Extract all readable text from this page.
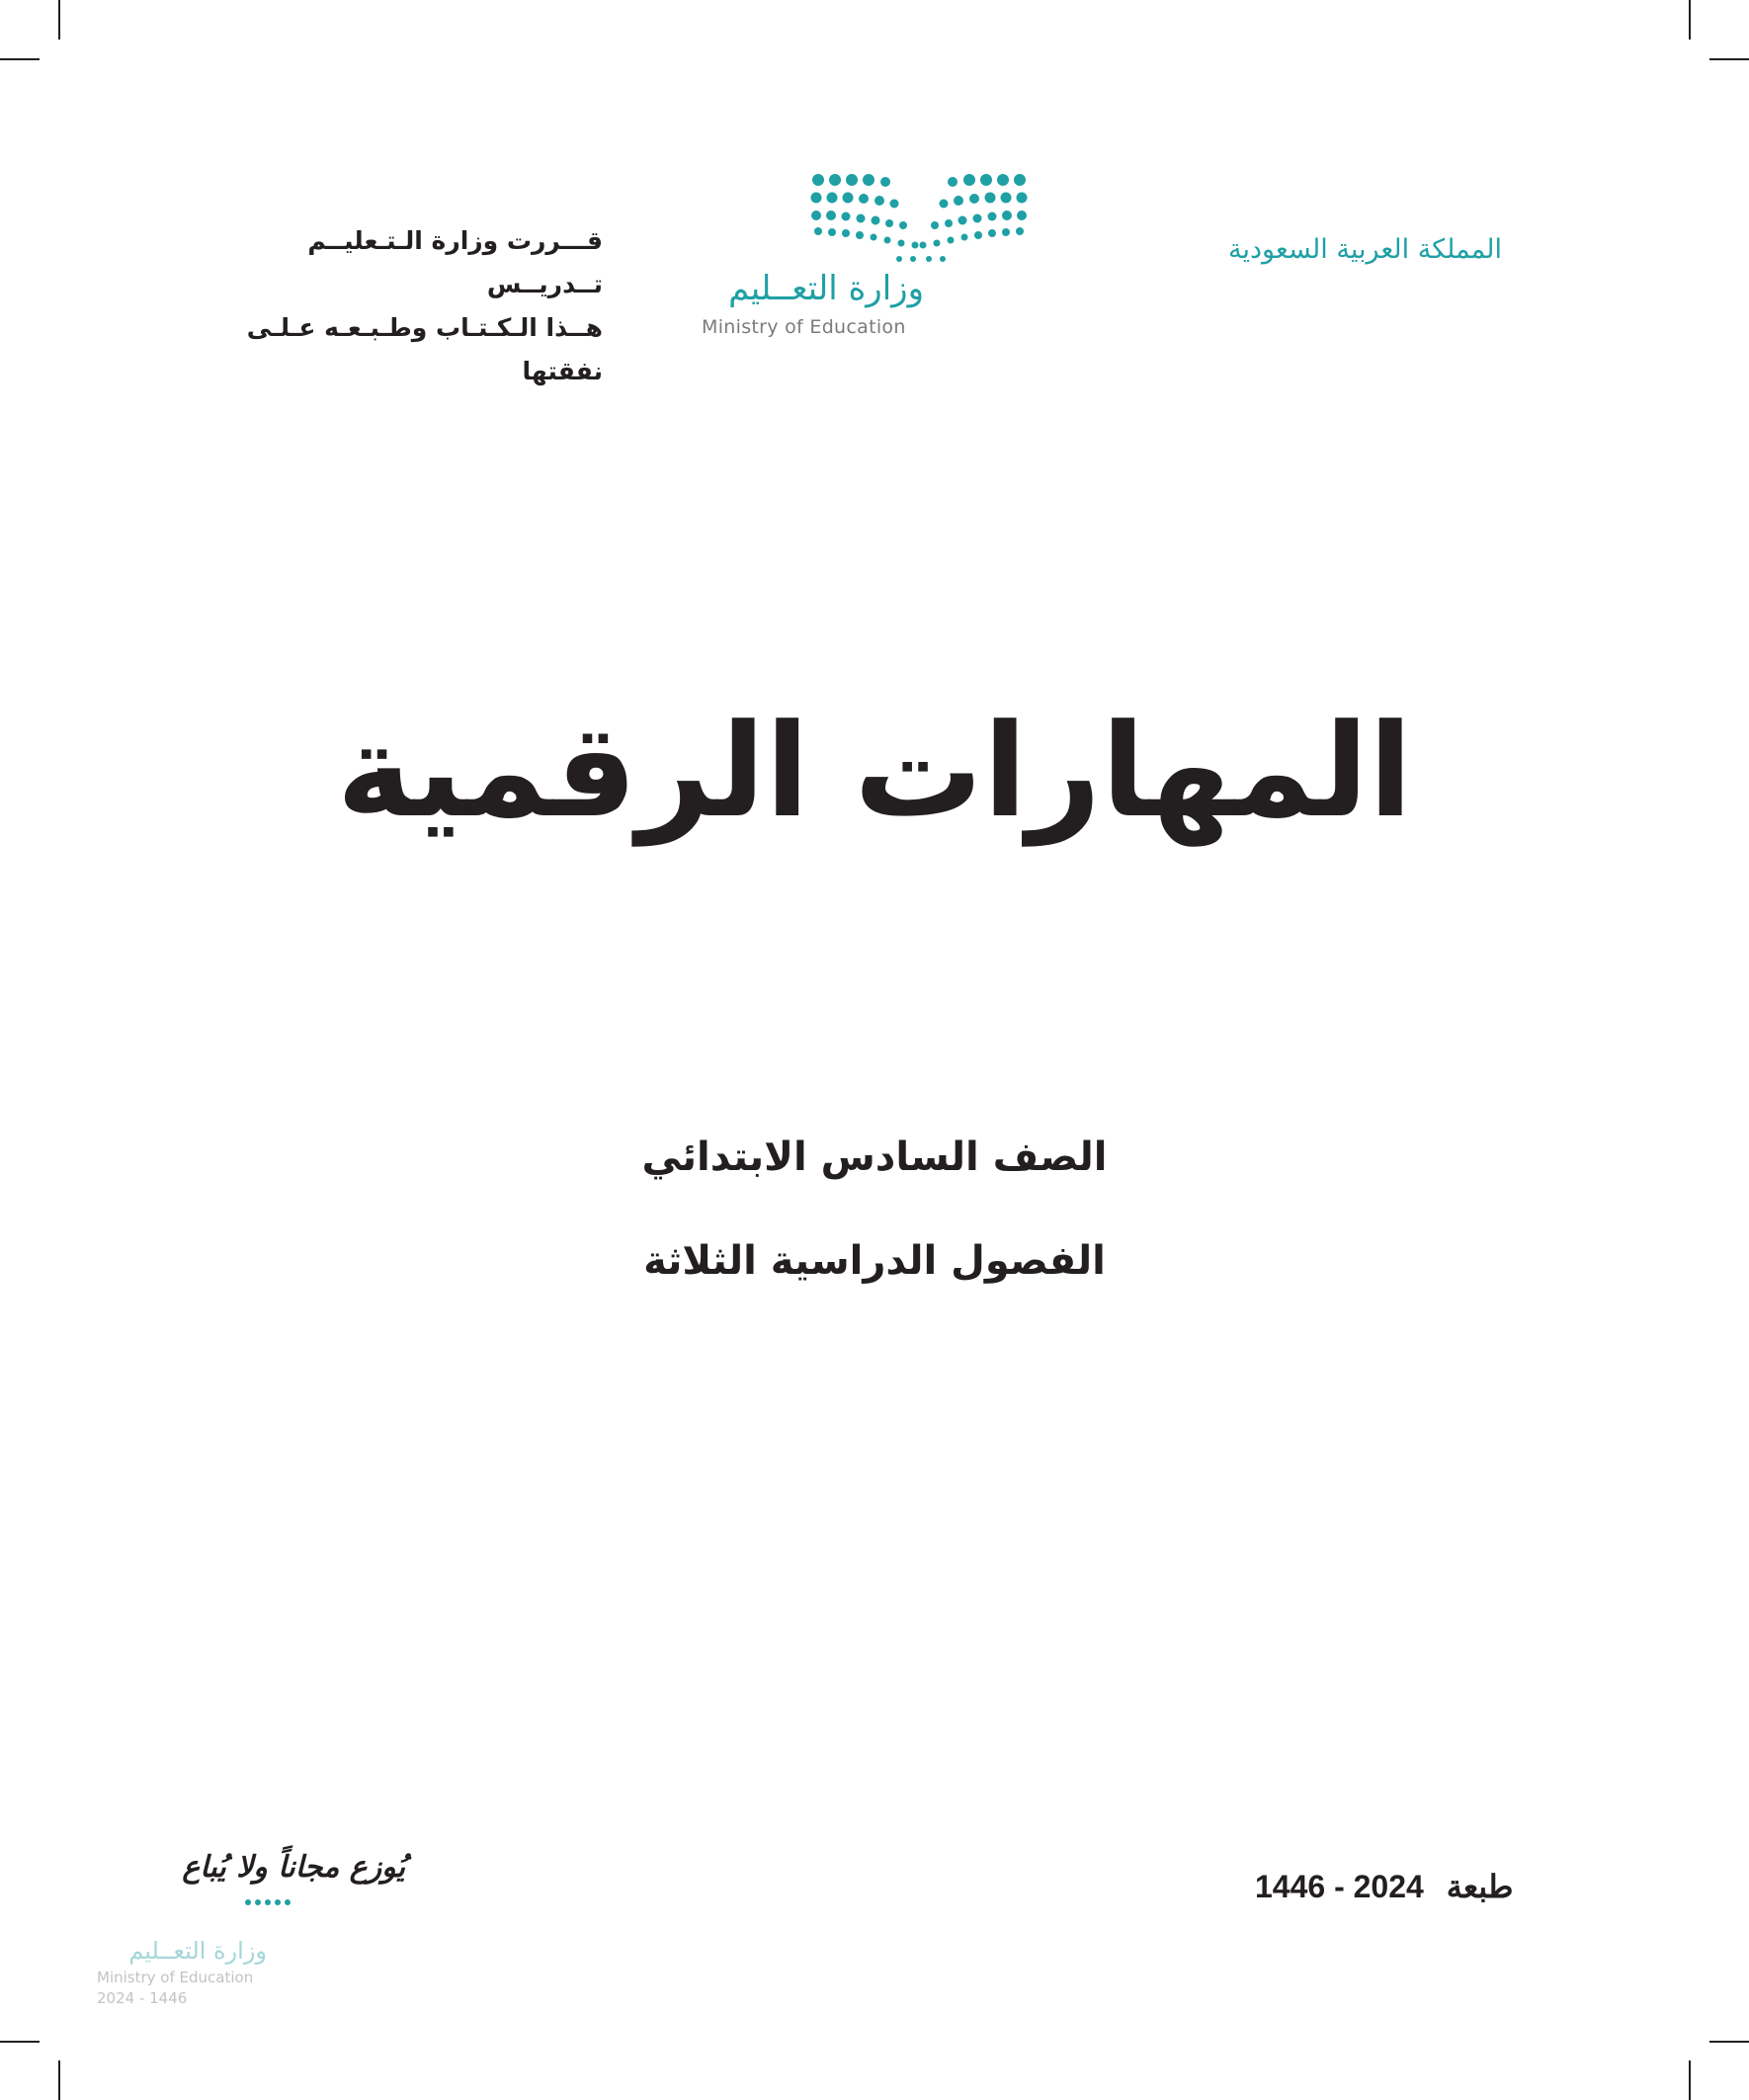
قـــررت وزارة الـتـعليــم تــدريــس
هــذا الـكـتـاب وطـبـعـه عـلـى نفقتها
وزارة التعــليم
Ministry of Education
المملكة العربية السعودية
المهارات الرقمية
الصف السادس الابتدائي
الفصول الدراسية الثلاثة
1446 - 2024 طبعة
يُوزع مجاناً ولا يُباع
وزارة التعــليم
Ministry of Education
2024 - 1446
